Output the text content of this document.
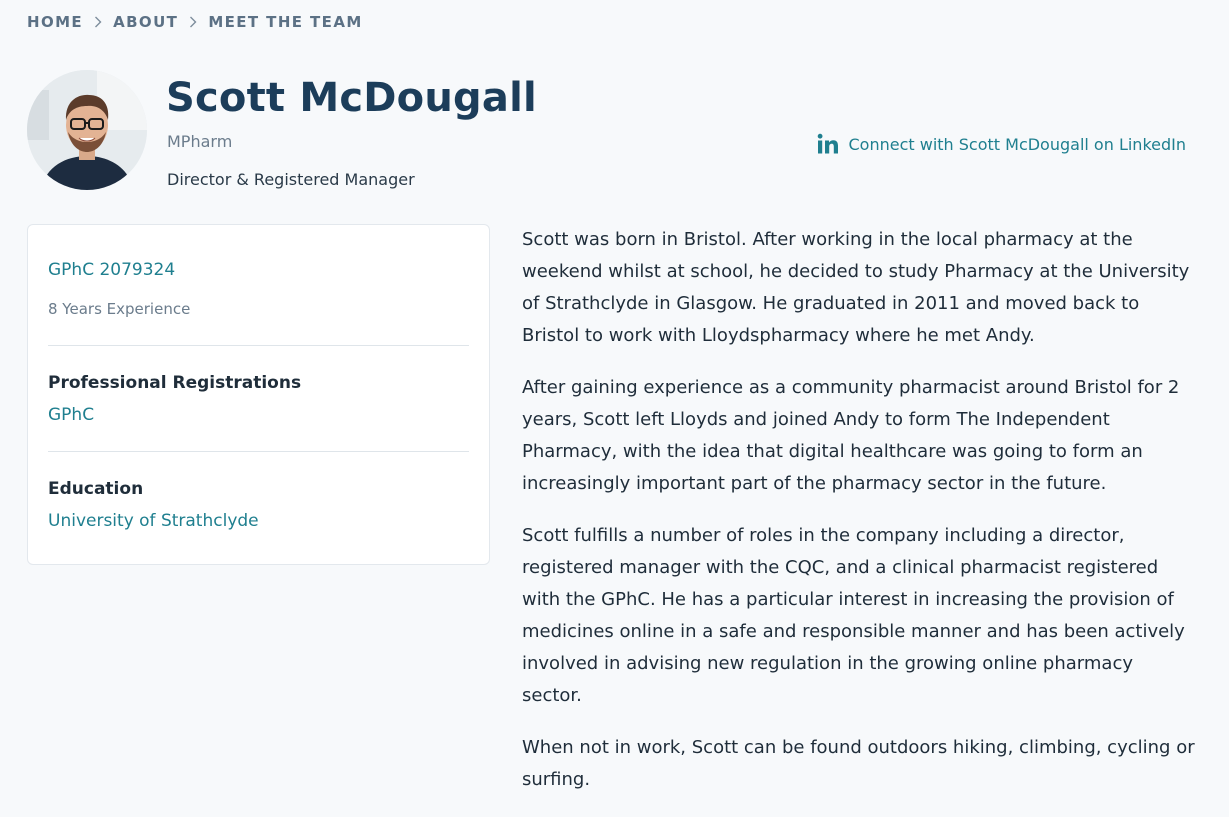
HOME ABOUT MEET THE TEAM
Scott McDougall
MPharm
Director & Registered Manager
Connect with Scott McDougall on LinkedIn
GPhC 2079324
8 Years Experience
Professional Registrations
GPhC
Education
University of Strathclyde

Scott was born in Bristol. After working in the local pharmacy at the weekend whilst at school, he decided to study Pharmacy at the University of Strathclyde in Glasgow. He graduated in 2011 and moved back to Bristol to work with Lloydspharmacy where he met Andy.

After gaining experience as a community pharmacist around Bristol for 2 years, Scott left Lloyds and joined Andy to form The Independent Pharmacy, with the idea that digital healthcare was going to form an increasingly important part of the pharmacy sector in the future.

Scott fulfills a number of roles in the company including a director, registered manager with the CQC, and a clinical pharmacist registered with the GPhC. He has a particular interest in increasing the provision of medicines online in a safe and responsible manner and has been actively involved in advising new regulation in the growing online pharmacy sector.

When not in work, Scott can be found outdoors hiking, climbing, cycling or surfing.
